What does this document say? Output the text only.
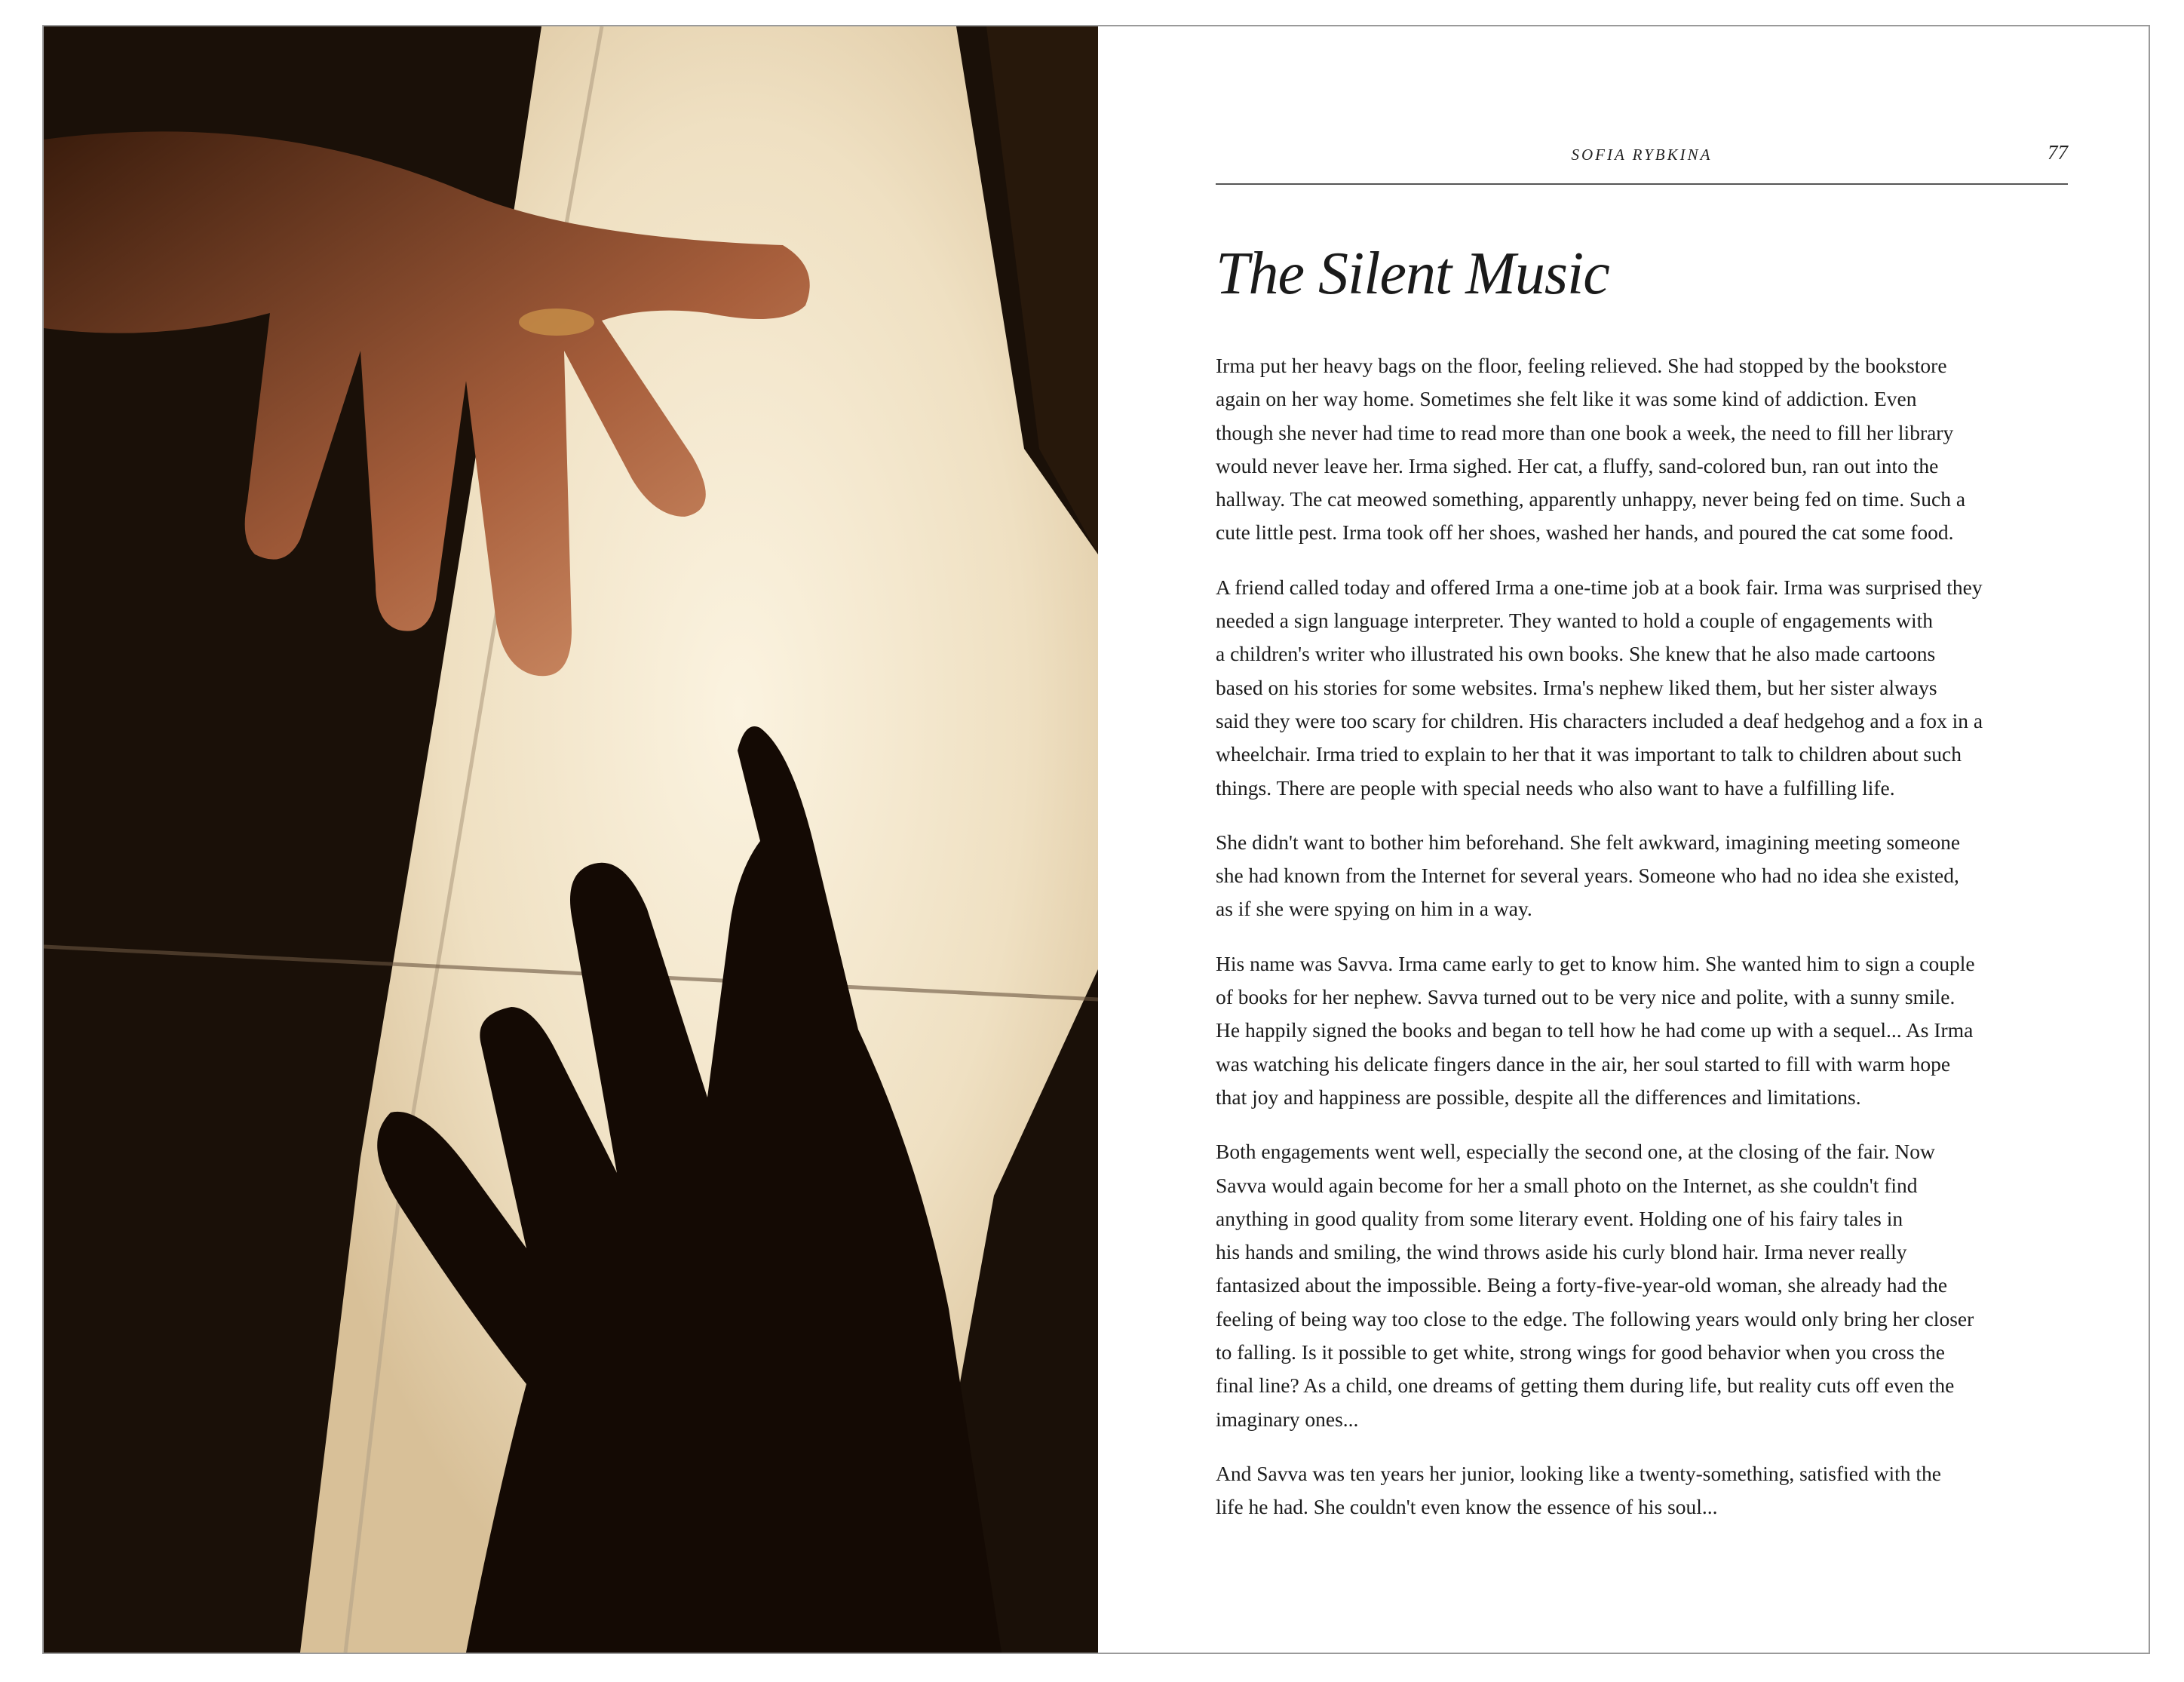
SOFIA RYBKINA	77
The Silent Music

Irma put her heavy bags on the floor, feeling relieved. She had stopped by the bookstore
again on her way home. Sometimes she felt like it was some kind of addiction. Even
though she never had time to read more than one book a week, the need to fill her library
would never leave her. Irma sighed. Her cat, a fluffy, sand-colored bun, ran out into the
hallway. The cat meowed something, apparently unhappy, never being fed on time. Such a
cute little pest. Irma took off her shoes, washed her hands, and poured the cat some food.

A friend called today and offered Irma a one-time job at a book fair. Irma was surprised they
needed a sign language interpreter. They wanted to hold a couple of engagements with
a children's writer who illustrated his own books. She knew that he also made cartoons
based on his stories for some websites. Irma's nephew liked them, but her sister always
said they were too scary for children. His characters included a deaf hedgehog and a fox in a
wheelchair. Irma tried to explain to her that it was important to talk to children about such
things. There are people with special needs who also want to have a fulfilling life.

She didn't want to bother him beforehand. She felt awkward, imagining meeting someone
she had known from the Internet for several years. Someone who had no idea she existed,
as if she were spying on him in a way.

His name was Savva. Irma came early to get to know him. She wanted him to sign a couple
of books for her nephew. Savva turned out to be very nice and polite, with a sunny smile.
He happily signed the books and began to tell how he had come up with a sequel... As Irma
was watching his delicate fingers dance in the air, her soul started to fill with warm hope
that joy and happiness are possible, despite all the differences and limitations.

Both engagements went well, especially the second one, at the closing of the fair. Now
Savva would again become for her a small photo on the Internet, as she couldn't find
anything in good quality from some literary event. Holding one of his fairy tales in
his hands and smiling, the wind throws aside his curly blond hair. Irma never really
fantasized about the impossible. Being a forty-five-year-old woman, she already had the
feeling of being way too close to the edge. The following years would only bring her closer
to falling. Is it possible to get white, strong wings for good behavior when you cross the
final line? As a child, one dreams of getting them during life, but reality cuts off even the
imaginary ones...

And Savva was ten years her junior, looking like a twenty-something, satisfied with the
life he had. She couldn't even know the essence of his soul...
